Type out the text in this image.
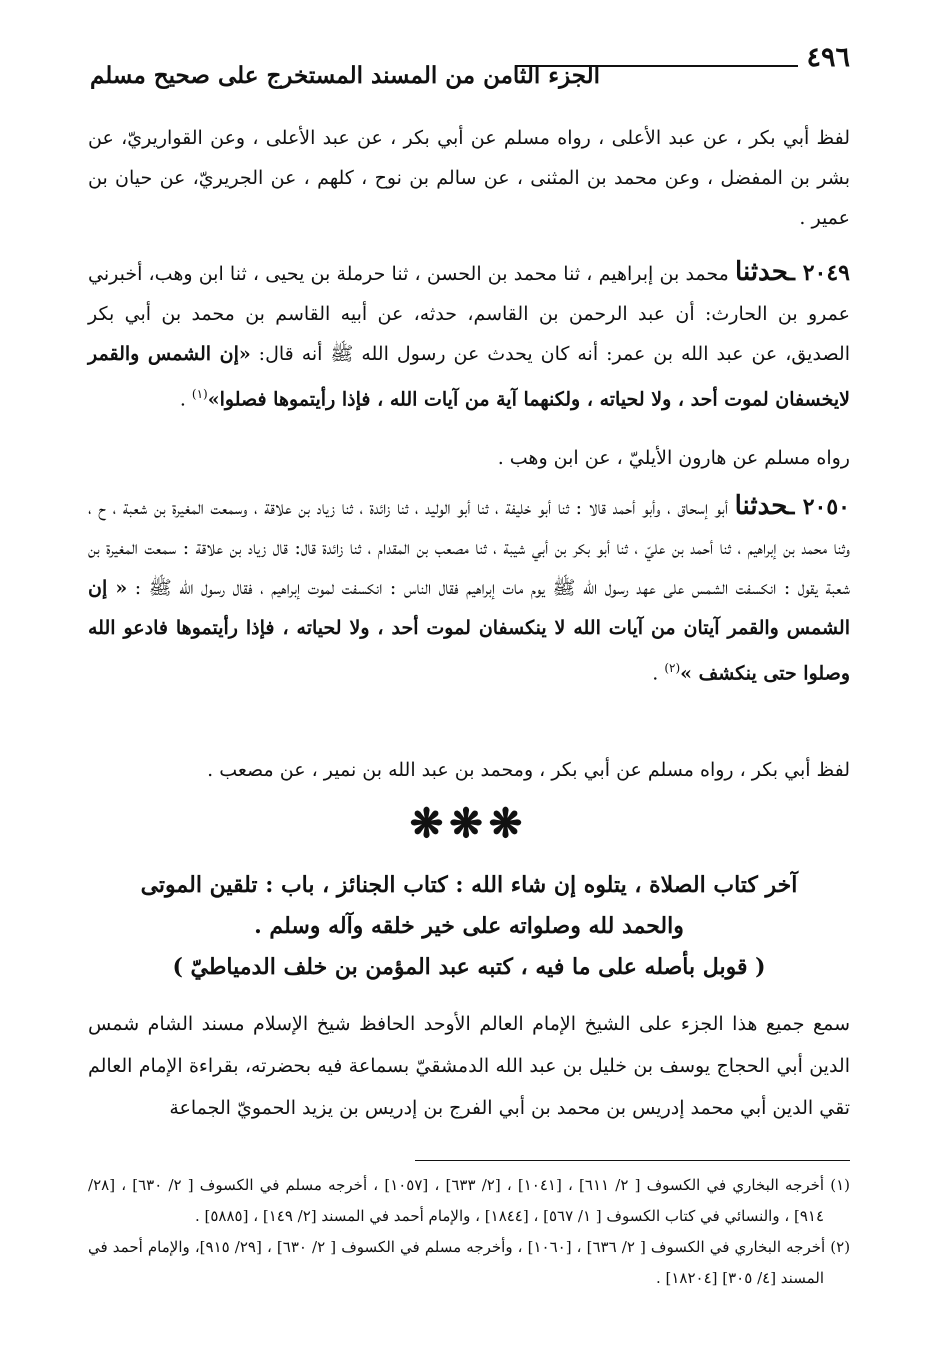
٤٩٦
الجزء الثامن من المسند المستخرج على صحيح مسلم

لفظ أبي بكر ، عن عبد الأعلى ، رواه مسلم عن أبي بكر ، عن عبد الأعلى ، وعن القواريريّ، عن بشر بن المفضل ، وعن محمد بن المثنى ، عن سالم بن نوح ، كلهم ، عن الجريريّ، عن حيان بن عمير .

٢٠٤٩ ـحدثنا محمد بن إبراهيم ، ثنا محمد بن الحسن ، ثنا حرملة بن يحيى ، ثنا ابن وهب، أخبرني عمرو بن الحارث: أن عبد الرحمن بن القاسم، حدثه، عن أبيه القاسم بن محمد بن أبي بكر الصديق، عن عبد الله بن عمر: أنه كان يحدث عن رسول الله ﷺ أنه قال: «إن الشمس والقمر لايخسفان لموت أحد ، ولا لحياته ، ولكنهما آية من آيات الله ، فإذا رأيتموها فصلوا»$^{(١)}$ .

رواه مسلم عن هارون الأيليّ ، عن ابن وهب .

٢٠٥٠ ـحدثنا أبو إسحاق ، وأبو أحمد قالا : ثنا أبو خليفة ، ثنا أبو الوليد ، ثنا زائدة ، ثنا زياد بن علاقة ، وسمعت المغيرة بن شعبة ، ح ، وثنا محمد بن إبراهيم ، ثنا أحمد بن عليّ ، ثنا أبو بكر بن أبي شيبة ، ثنا مصعب بن المقدام ، ثنا زائدة قال: قال زياد بن علاقة : سمعت المغيرة بن شعبة يقول : انكسفت الشمس على عهد رسول الله ﷺ يوم مات إبراهيم فقال الناس : انكسفت لموت إبراهيم ، فقال رسول الله ﷺ : « إن الشمس والقمر آيتان من آيات الله لا ينكسفان لموت أحد ، ولا لحياته ، فإذا رأيتموها فادعو الله وصلوا حتى ينكشف »$^{(٢)}$ .

لفظ أبي بكر ، رواه مسلم عن أبي بكر ، ومحمد بن عبد الله بن نمير ، عن مصعب .

❋❋❋
آخر كتاب الصلاة ، يتلوه إن شاء الله : كتاب الجنائز ، باب : تلقين الموتى
والحمد لله وصلواته على خير خلقه وآله وسلم .
( قوبل بأصله على ما فيه ، كتبه عبد المؤمن بن خلف الدمياطيّ )

سمع جميع هذا الجزء على الشيخ الإمام العالم الأوحد الحافظ شيخ الإسلام مسند الشام شمس الدين أبي الحجاج يوسف بن خليل بن عبد الله الدمشقيّ بسماعة فيه بحضرته، بقراءة الإمام العالم تقي الدين أبي محمد إدريس بن محمد بن أبي الفرج بن إدريس بن يزيد الحمويّ الجماعة

(١) أخرجه البخاري في الكسوف [ ٢/ ٦١١] ، [١٠٤١] ، [٢/ ٦٣٣] ، [١٠٥٧] ، أخرجه مسلم في الكسوف [ ٢/ ٦٣٠] ، [٢٨/ ٩١٤] ، والنسائي في كتاب الكسوف [ ١/ ٥٦٧] ، [١٨٤٤] ، والإمام أحمد في المسند [٢/ ١٤٩] ، [٥٨٨٥] .

(٢) أخرجه البخاري في الكسوف [ ٢/ ٦٣٦] ، [١٠٦٠] ، وأخرجه مسلم في الكسوف [ ٢/ ٦٣٠] ، [٢٩/ ٩١٥]، والإمام أحمد في المسند [٤/ ٣٠٥] [١٨٢٠٤] .
